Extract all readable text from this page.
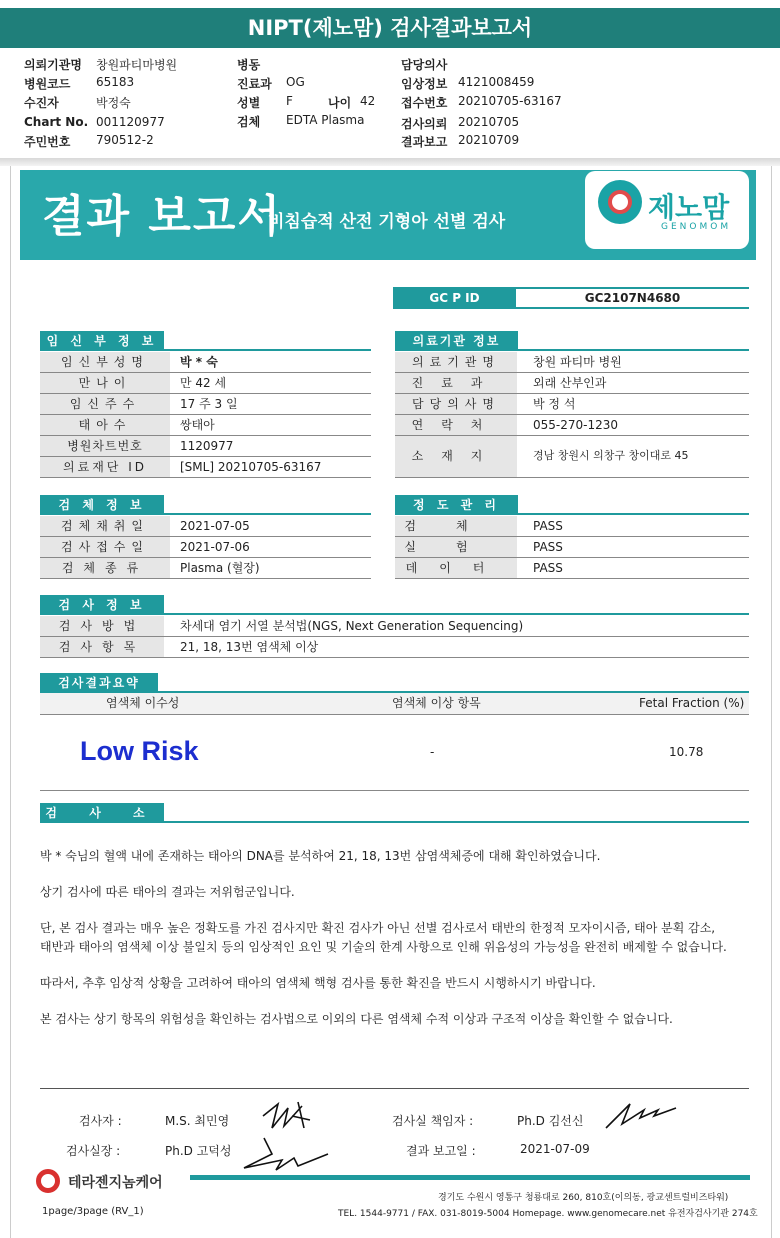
NIPT(제노맘) 검사결과보고서
의뢰기관명 창원파티마병원
병원코드 65183
수진자	박정숙
Chart No. 001120977
주민번호 790512-2
병동
진료과 OG
성별 F	나이 42
검체 EDTA Plasma
담당의사
임상정보 4121008459
접수번호 20210705-63167
검사의뢰 20210705
결과보고 20210709
결과 보고서
비침습적 산전 기형아 선별 검사	제노맘
GENOMOM
GC P ID	GC2107N4680
임 신 부 정 보
임신부성명	박 * 숙
만나이	만 42 세
임신주수	17 주 3 일
태아수	쌍태아
병원차트번호	1120977
의료재단 ID	[SML] 20210705-63167
의료기관 정보
의료기관명	창원 파티마 병원
진료과	외래 산부인과
담당의사명	박 정 석
연락처	055-270-1230
소재지	경남 창원시 의창구 창이대로 45
검 체 정 보
검체채취일	2021-07-05
검사접수일	2021-07-06
검체종류	Plasma (혈장)
정 도 관 리
검체	PASS
실험	PASS
데이터	PASS
검 사 정 보
검사방법	차세대 염기 서열 분석법(NGS, Next Generation Sequencing)
검사항목	21, 18, 13번 염색체 이상
검사결과요약
염색체 이수성	염색체 이상 항목	Fetal Fraction (%)
Low Risk	-	10.78
검 사 소 견
박 * 숙님의 혈액 내에 존재하는 태아의 DNA를 분석하여 21, 18, 13번 삼염색체증에 대해 확인하였습니다.
상기 검사에 따른 태아의 결과는 저위험군입니다.
단, 본 검사 결과는 매우 높은 정확도를 가진 검사지만 확진 검사가 아닌 선별 검사로서 태반의 한정적 모자이시즘, 태아 분획 감소,
태반과 태아의 염색체 이상 불일치 등의 임상적인 요인 및 기술의 한계 사항으로 인해 위음성의 가능성을 완전히 배제할 수 없습니다.
따라서, 추후 임상적 상황을 고려하여 태아의 염색체 핵형 검사를 통한 확진을 반드시 시행하시기 바랍니다.
본 검사는 상기 항목의 위험성을 확인하는 검사법으로 이외의 다른 염색체 수적 이상과 구조적 이상을 확인할 수 없습니다.
검사자 :	M.S. 최민영	검사실 책임자 :	Ph.D 김선신
검사실장 :	Ph.D 고덕성	결과 보고일 :	2021-07-09
테라젠지놈케어
경기도 수원시 영통구 청룡대로 260, 810호(이의동, 광교센트럴비즈타워)
TEL. 1544-9771 / FAX. 031-8019-5004 Homepage. www.genomecare.net 유전자검사기관 274호
1page/3page (RV_1)
